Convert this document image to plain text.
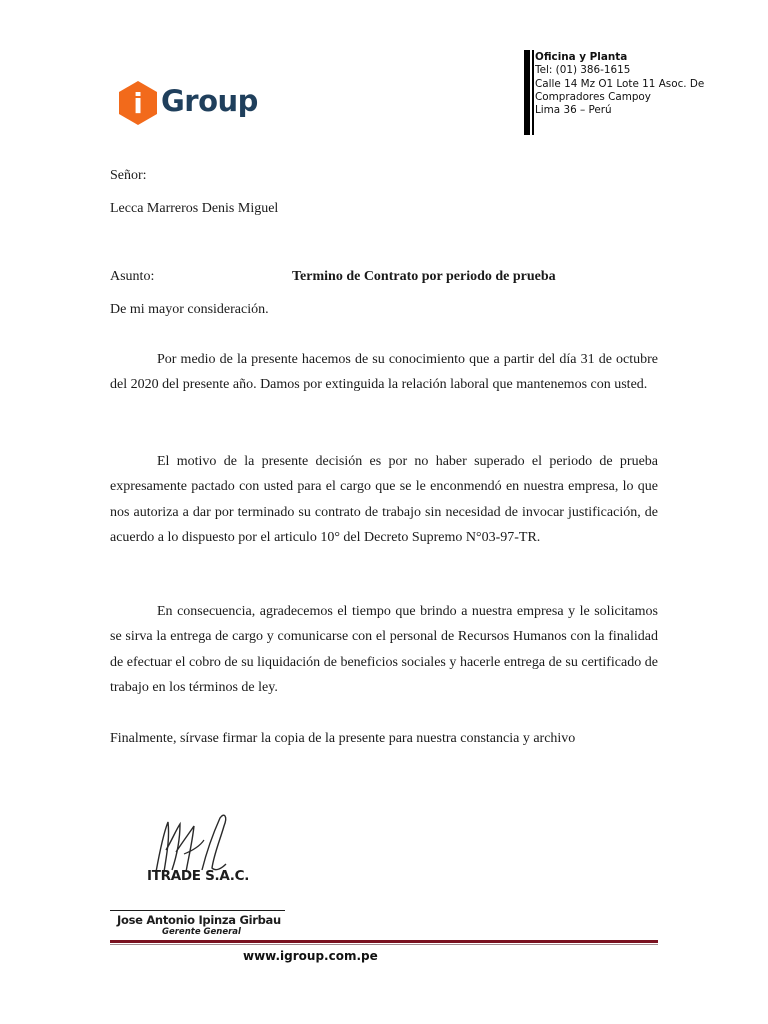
i Group
Oficina y Planta
Tel: (01) 386-1615
Calle 14 Mz O1 Lote 11 Asoc. De
Compradores Campoy
Lima 36 – Perú
Señor:
Lecca Marreros Denis Miguel
Asunto:	Termino de Contrato por periodo de prueba
De mi mayor consideración.

Por medio de la presente hacemos de su conocimiento que a partir del día 31 de octubre del 2020 del presente año. Damos por extinguida la relación laboral que mantenemos con usted.

El motivo de la presente decisión es por no haber superado el periodo de prueba expresamente pactado con usted para el cargo que se le enconmendó en nuestra empresa, lo que nos autoriza a dar por terminado su contrato de trabajo sin necesidad de invocar justificación, de acuerdo a lo dispuesto por el articulo 10° del Decreto Supremo N°03-97-TR.

En consecuencia, agradecemos el tiempo que brindo a nuestra empresa y le solicitamos se sirva la entrega de cargo y comunicarse con el personal de Recursos Humanos con la finalidad de efectuar el cobro de su liquidación de beneficios sociales y hacerle entrega de su certificado de trabajo en los términos de ley.

Finalmente, sírvase firmar la copia de la presente para nuestra constancia y archivo
ITRADE S.A.C.
Jose Antonio Ipinza Girbau
Gerente General
www.igroup.com.pe
